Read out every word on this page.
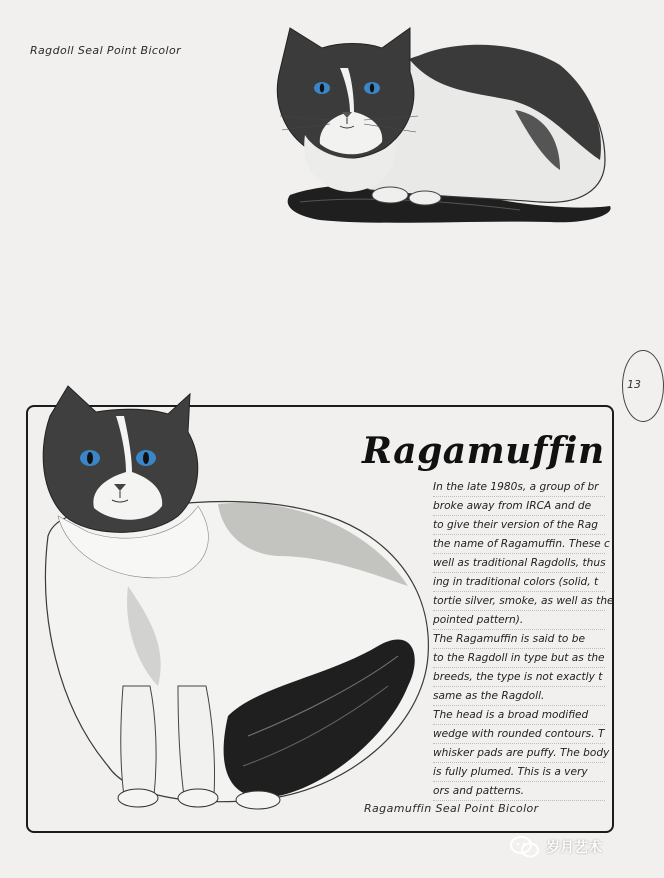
Ragdoll Seal Point Bicolor
13
Ragamuffin
In the late 1980s, a group of br
broke away from IRCA and de
to give their version of the Rag
the name of Ragamuffin. These c
well as traditional Ragdolls, thus
ing in traditional colors (solid, t
tortie silver, smoke, as well as the
pointed pattern).
The Ragamuffin is said to be
to the Ragdoll in type but as the
breeds, the type is not exactly t
same as the Ragdoll.
The head is a broad modified
wedge with rounded contours. T
whisker pads are puffy. The body
is fully plumed. This is a very
ors and patterns.
Ragamuffin Seal Point Bicolor
岁月艺术
